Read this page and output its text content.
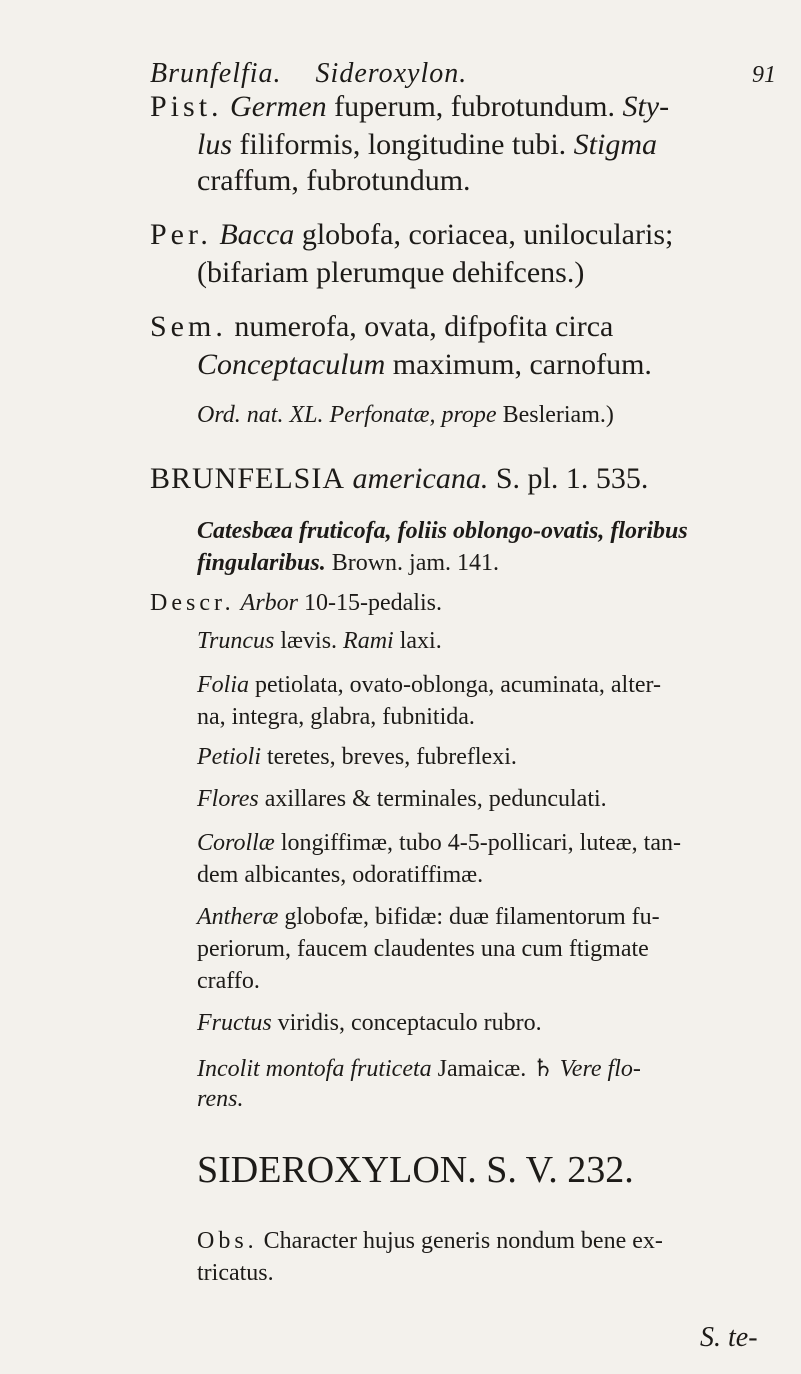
Brunfelfia. Sideroxylon.	91
Pist. Germen fuperum, fubrotundum. Sty-
lus filiformis, longitudine tubi. Stigma
craffum, fubrotundum.
Per. Bacca globofa, coriacea, unilocularis;
(bifariam plerumque dehifcens.)
Sem. numerofa, ovata, difpofita circa
Conceptaculum maximum, carnofum.
Ord. nat. XL. Perfonatæ, prope Besleriam.)
BRUNFELSIA americana. S. pl. 1. 535.
Catesbæa fruticofa, foliis oblongo-ovatis, floribus
fingularibus. Brown. jam. 141.
Descr. Arbor 10-15-pedalis.
Truncus lævis. Rami laxi.
Folia petiolata, ovato-oblonga, acuminata, alter-
na, integra, glabra, fubnitida.
Petioli teretes, breves, fubreflexi.
Flores axillares & terminales, pedunculati.
Corollæ longiffimæ, tubo 4-5-pollicari, luteæ, tan-
dem albicantes, odoratiffimæ.
Antheræ globofæ, bifidæ: duæ filamentorum fu-
periorum, faucem claudentes una cum ftigmate
craffo.
Fructus viridis, conceptaculo rubro.
Incolit montofa fruticeta Jamaicæ. ♄ Vere flo-
rens.
SIDEROXYLON. S. V. 232.
Obs. Character hujus generis nondum bene ex-
tricatus.
S. te-
